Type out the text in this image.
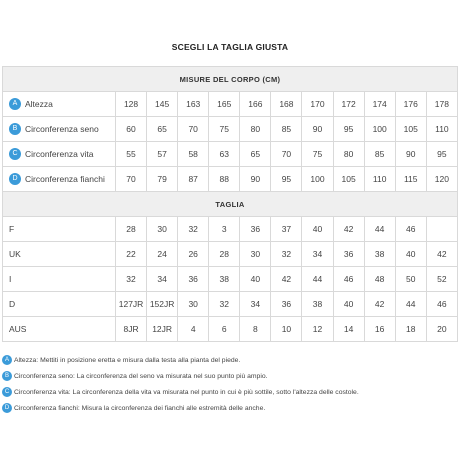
SCEGLI LA TAGLIA GIUSTA
MISURE DEL CORPO (CM)											
A Altezza	128	145	163	165	166	168	170	172	174	176	178
B Circonferenza seno	60	65	70	75	80	85	90	95	100	105	110
C Circonferenza vita	55	57	58	63	65	70	75	80	85	90	95
D Circonferenza fianchi	70	79	87	88	90	95	100	105	110	115	120
TAGLIA											
F	28	30	32	3	36	37	40	42	44	46	
UK	22	24	26	28	30	32	34	36	38	40	42
I	32	34	36	38	40	42	44	46	48	50	52
D	127JR	152JR	30	32	34	36	38	40	42	44	46
AUS	8JR	12JR	4	6	8	10	12	14	16	18	20
A Altezza: Mettiti in posizione eretta e misura dalla testa alla pianta del piede.
B Circonferenza seno: La circonferenza del seno va misurata nel suo punto più ampio.
C Circonferenza vita: La circonferenza della vita va misurata nel punto in cui è più sottile, sotto l'altezza delle costole.
D Circonferenza fianchi: Misura la circonferenza dei fianchi alle estremità delle anche.
